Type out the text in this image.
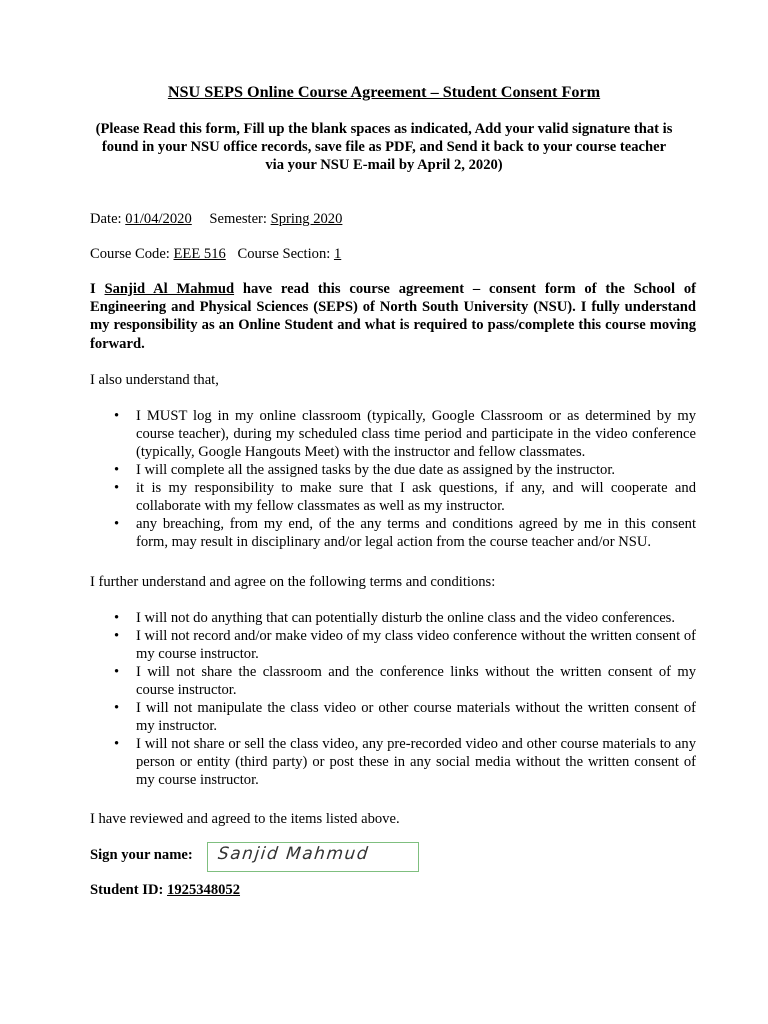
NSU SEPS Online Course Agreement – Student Consent Form
(Please Read this form, Fill up the blank spaces as indicated, Add your valid signature that is found in your NSU office records, save file as PDF, and Send it back to your course teacher via your NSU E-mail by April 2, 2020)
Date: 01/04/2020 Semester: Spring 2020
Course Code: EEE 516 Course Section: 1
I Sanjid Al Mahmud have read this course agreement – consent form of the School of Engineering and Physical Sciences (SEPS) of North South University (NSU). I fully understand my responsibility as an Online Student and what is required to pass/complete this course moving forward.
I also understand that,
• I MUST log in my online classroom (typically, Google Classroom or as determined by my course teacher), during my scheduled class time period and participate in the video conference (typically, Google Hangouts Meet) with the instructor and fellow classmates.
• I will complete all the assigned tasks by the due date as assigned by the instructor.
• it is my responsibility to make sure that I ask questions, if any, and will cooperate and collaborate with my fellow classmates as well as my instructor.
• any breaching, from my end, of the any terms and conditions agreed by me in this consent form, may result in disciplinary and/or legal action from the course teacher and/or NSU.
I further understand and agree on the following terms and conditions:
• I will not do anything that can potentially disturb the online class and the video conferences.
• I will not record and/or make video of my class video conference without the written consent of my course instructor.
• I will not share the classroom and the conference links without the written consent of my course instructor.
• I will not manipulate the class video or other course materials without the written consent of my instructor.
• I will not share or sell the class video, any pre-recorded video and other course materials to any person or entity (third party) or post these in any social media without the written consent of my course instructor.
I have reviewed and agreed to the items listed above.
Sign your name: Sanjid Mahmud
Student ID: 1925348052
